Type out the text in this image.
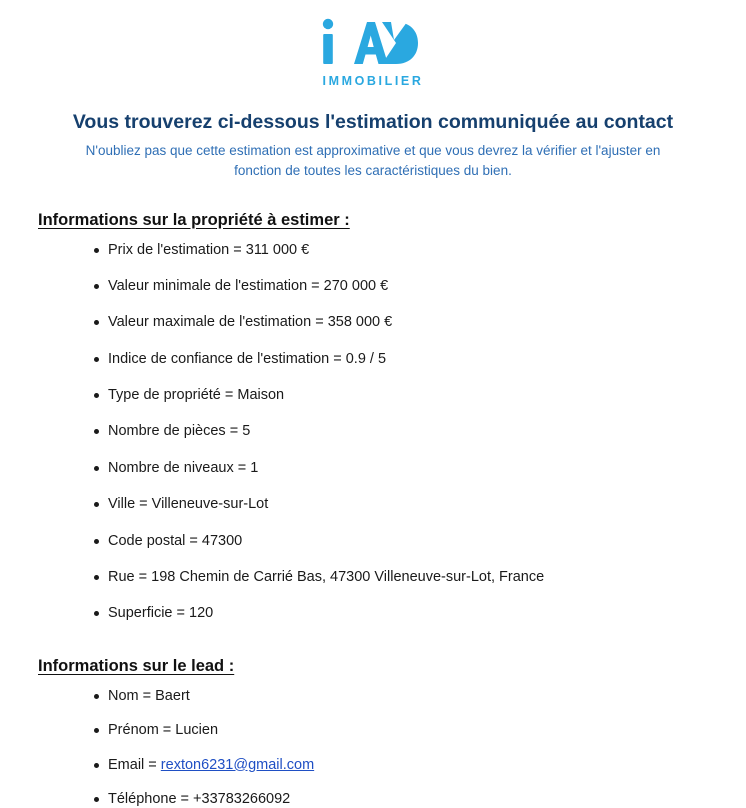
IMMOBILIER
Vous trouverez ci-dessous l'estimation communiquée au contact
N'oubliez pas que cette estimation est approximative et que vous devrez la vérifier et l'ajuster en fonction de toutes les caractéristiques du bien.
Informations sur la propriété à estimer :
Prix de l'estimation = 311 000 €
Valeur minimale de l'estimation = 270 000 €
Valeur maximale de l'estimation = 358 000 €
Indice de confiance de l'estimation = 0.9 / 5
Type de propriété = Maison
Nombre de pièces = 5
Nombre de niveaux = 1
Ville = Villeneuve-sur-Lot
Code postal = 47300
Rue = 198 Chemin de Carrié Bas, 47300 Villeneuve-sur-Lot, France
Superficie = 120
Informations sur le lead :
Nom = Baert
Prénom = Lucien
Email = rexton6231@gmail.com
Téléphone = +33783266092
